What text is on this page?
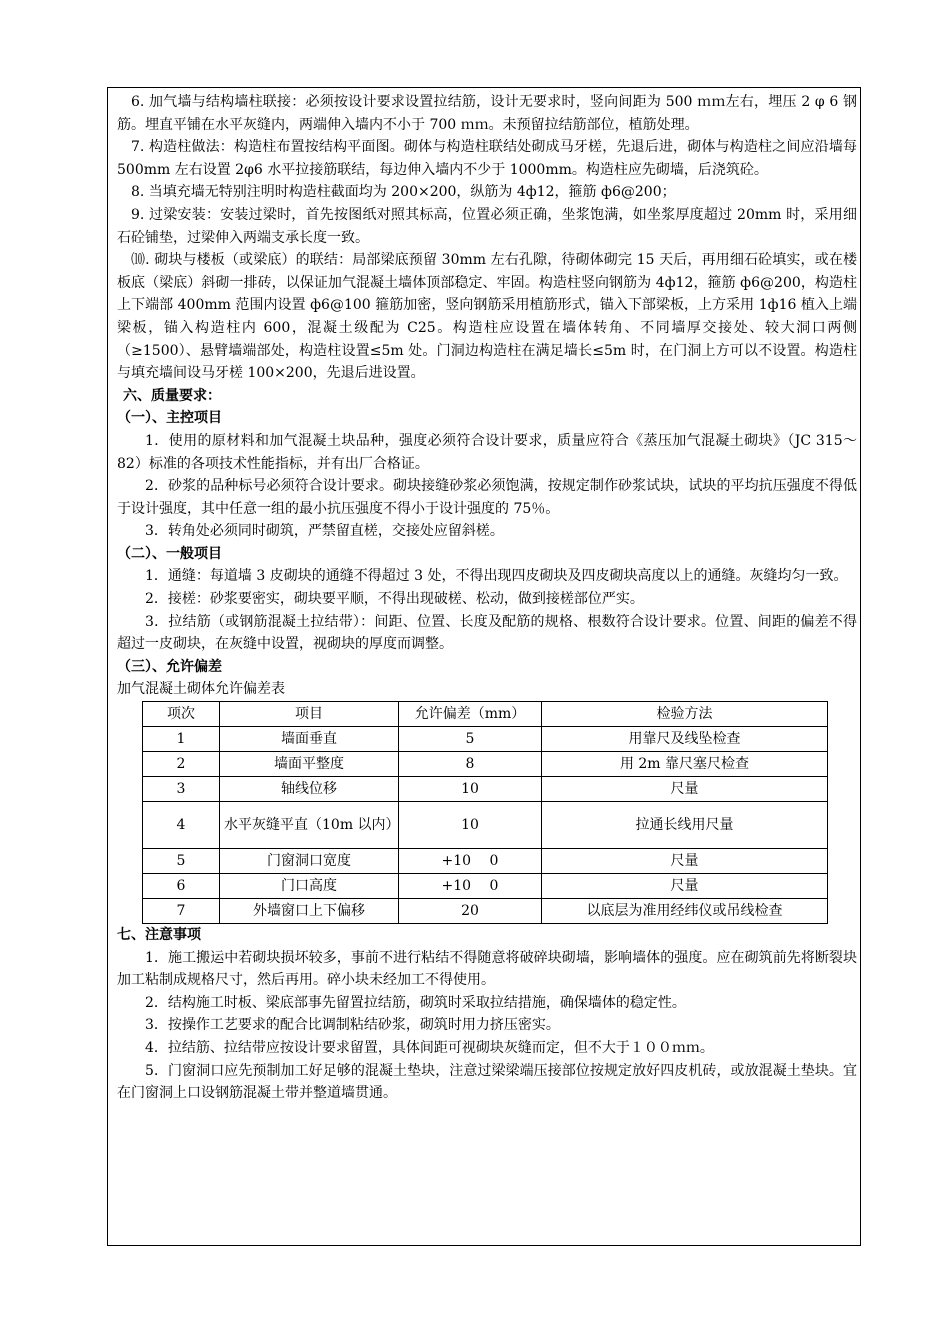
6. 加气墙与结构墙柱联接：必须按设计要求设置拉结筋，设计无要求时，竖向间距为 500 ｍｍ左右，埋压 2 φ 6 钢筋。埋直平铺在水平灰缝内，两端伸入墙内不小于 700 ｍｍ。未预留拉结筋部位，植筋处理。

7. 构造柱做法：构造柱布置按结构平面图。砌体与构造柱联结处砌成马牙槎，先退后进，砌体与构造柱之间应沿墙每 500mm 左右设置 2φ6 水平拉接筋联结，每边伸入墙内不少于 1000mm。构造柱应先砌墙，后浇筑砼。

8. 当填充墙无特别注明时构造柱截面均为 200×200，纵筋为 4ф12，箍筋 ф6@200；

9. 过梁安装：安装过梁时，首先按图纸对照其标高，位置必须正确，坐浆饱满，如坐浆厚度超过 20mm 时，采用细石砼铺垫，过梁伸入两端支承长度一致。

⑽. 砌块与楼板（或梁底）的联结：局部梁底预留 30mm 左右孔隙，待砌体砌完 15 天后，再用细石砼填实，或在楼板底（梁底）斜砌一排砖，以保证加气混凝土墙体顶部稳定、牢固。构造柱竖向钢筋为 4ф12，箍筋 ф6@200，构造柱上下端部 400mm 范围内设置 ф6@100 箍筋加密，竖向钢筋采用植筋形式，锚入下部梁板，上方采用 1ф16 植入上端梁板，锚入构造柱内 600，混凝土级配为 C25。构造柱应设置在墙体转角、不同墙厚交接处、较大洞口两侧（≥1500）、悬臂墙端部处，构造柱设置≤5m 处。门洞边构造柱在满足墙长≤5m 时，在门洞上方可以不设置。构造柱与填充墙间设马牙槎 100×200，先退后进设置。

六、质量要求：

（一）、主控项目

1．使用的原材料和加气混凝土块品种，强度必须符合设计要求，质量应符合《蒸压加气混凝土砌块》（JC 315～82）标准的各项技术性能指标，并有出厂合格证。

2．砂浆的品种标号必须符合设计要求。砌块接缝砂浆必须饱满，按规定制作砂浆试块，试块的平均抗压强度不得低于设计强度，其中任意一组的最小抗压强度不得小于设计强度的 75％。

3．转角处必须同时砌筑，严禁留直槎，交接处应留斜槎。

（二）、一般项目

1．通缝：每道墙 3 皮砌块的通缝不得超过 3 处，不得出现四皮砌块及四皮砌块高度以上的通缝。灰缝均匀一致。

2．接槎：砂浆要密实，砌块要平顺，不得出现破槎、松动，做到接槎部位严实。

3．拉结筋（或钢筋混凝土拉结带）：间距、位置、长度及配筋的规格、根数符合设计要求。位置、间距的偏差不得超过一皮砌块，在灰缝中设置，视砌块的厚度而调整。

（三）、允许偏差

加气混凝土砌体允许偏差表

项次	项目	允许偏差（mm）	检验方法
1	墙面垂直	5	用靠尺及线坠检查
2	墙面平整度	8	用 2m 靠尺塞尺检查
3	轴线位移	10	尺量
4	水平灰缝平直（10m 以内）	10	拉通长线用尺量
5	门窗洞口宽度	+10　 0	尺量
6	门口高度	+10　 0	尺量
7	外墙窗口上下偏移	20	以底层为准用经纬仪或吊线检查

七、注意事项

1．施工搬运中若砌块损坏较多，事前不进行粘结不得随意将破碎块砌墙，影响墙体的强度。应在砌筑前先将断裂块加工粘制成规格尺寸，然后再用。碎小块未经加工不得使用。

2．结构施工时板、梁底部事先留置拉结筋，砌筑时采取拉结措施，确保墙体的稳定性。

3．按操作工艺要求的配合比调制粘结砂浆，砌筑时用力挤压密实。

4．拉结筋、拉结带应按设计要求留置，具体间距可视砌块灰缝而定，但不大于１００ｍｍ。

5．门窗洞口应先预制加工好足够的混凝土垫块，注意过梁梁端压接部位按规定放好四皮机砖，或放混凝土垫块。宜在门窗洞上口设钢筋混凝土带并整道墙贯通。
